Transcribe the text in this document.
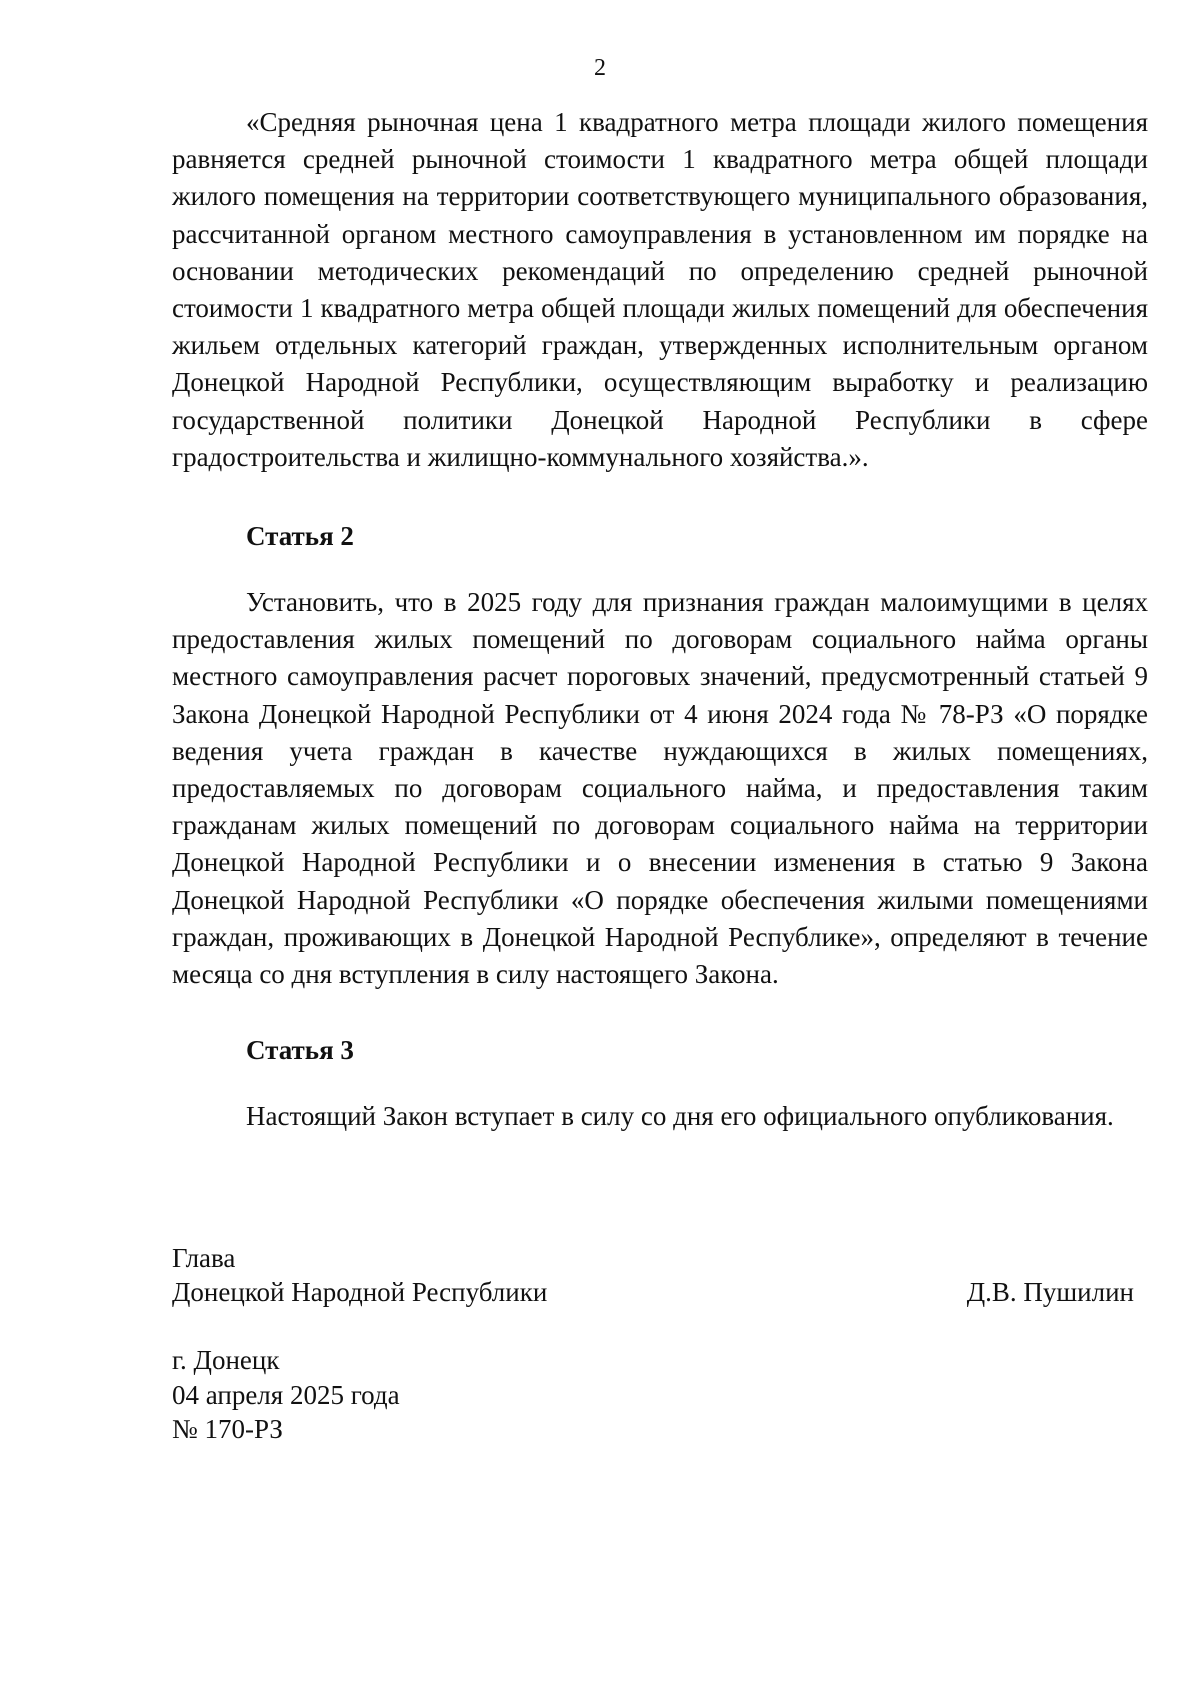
2

«Средняя рыночная цена 1 квадратного метра площади жилого помещения равняется средней рыночной стоимости 1 квадратного метра общей площади жилого помещения на территории соответствующего муниципального образования, рассчитанной органом местного самоуправления в установленном им порядке на основании методических рекомендаций по определению средней рыночной стоимости 1 квадратного метра общей площади жилых помещений для обеспечения жильем отдельных категорий граждан, утвержденных исполнительным органом Донецкой Народной Республики, осуществляющим выработку и реализацию государственной политики Донецкой Народной Республики в сфере градостроительства и жилищно-коммунального хозяйства.».

Статья 2

Установить, что в 2025 году для признания граждан малоимущими в целях предоставления жилых помещений по договорам социального найма органы местного самоуправления расчет пороговых значений, предусмотренный статьей 9 Закона Донецкой Народной Республики от 4 июня 2024 года № 78-РЗ «О порядке ведения учета граждан в качестве нуждающихся в жилых помещениях, предоставляемых по договорам социального найма, и предоставления таким гражданам жилых помещений по договорам социального найма на территории Донецкой Народной Республики и о внесении изменения в статью 9 Закона Донецкой Народной Республики «О порядке обеспечения жилыми помещениями граждан, проживающих в Донецкой Народной Республике», определяют в течение месяца со дня вступления в силу настоящего Закона.

Статья 3

Настоящий Закон вступает в силу со дня его официального опубликования.

Глава
Донецкой Народной Республики	Д.В. Пушилин
г. Донецк
04 апреля 2025 года
№ 170-РЗ
